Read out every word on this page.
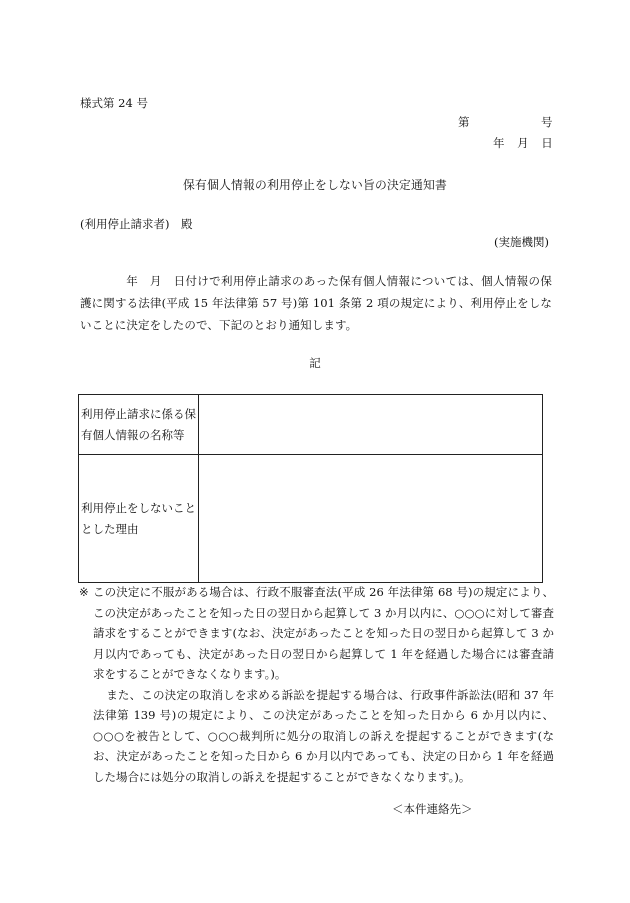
様式第 24 号
第	号
年 月 日
保有個人情報の利用停止をしない旨の決定通知書
(利用停止請求者)　殿
(実施機関)
年　月　日付けで利用停止請求のあった保有個人情報については、個人情報の保護に関する法律(平成 15 年法律第 57 号)第 101 条第 2 項の規定により、利用停止をしないことに決定をしたので、下記のとおり通知します。
記
利用停止請求に係る保有個人情報の名称等	
利用停止をしないこととした理由	
※ この決定に不服がある場合は、行政不服審査法(平成 26 年法律第 68 号)の規定により、この決定があったことを知った日の翌日から起算して 3 か月以内に、○○○に対して審査請求をすることができます(なお、決定があったことを知った日の翌日から起算して 3 か月以内であっても、決定があった日の翌日から起算して 1 年を経過した場合には審査請求をすることができなくなります。)。
また、この決定の取消しを求める訴訟を提起する場合は、行政事件訴訟法(昭和 37 年法律第 139 号)の規定により、この決定があったことを知った日から 6 か月以内に、○○○を被告として、○○○裁判所に処分の取消しの訴えを提起することができます(なお、決定があったことを知った日から 6 か月以内であっても、決定の日から 1 年を経過した場合には処分の取消しの訴えを提起することができなくなります。)。
＜本件連絡先＞
